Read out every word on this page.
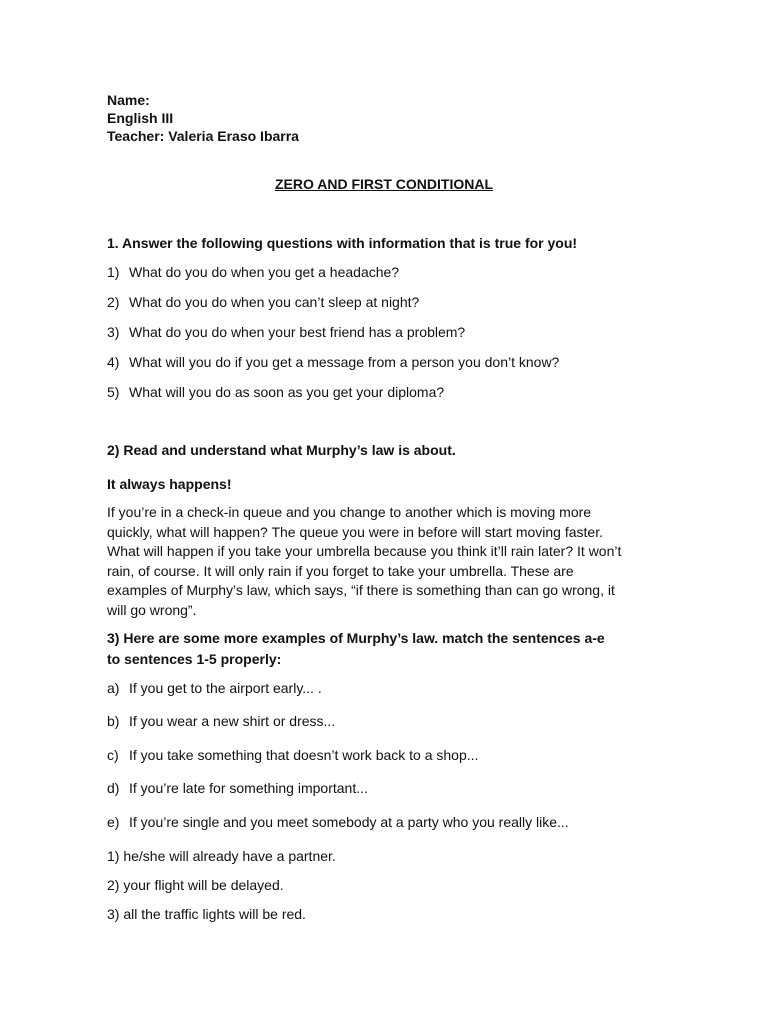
Name:
English III
Teacher: Valeria Eraso Ibarra
ZERO AND FIRST CONDITIONAL
1. Answer the following questions with information that is true for you!
1) What do you do when you get a headache?
2) What do you do when you can’t sleep at night?
3) What do you do when your best friend has a problem?
4) What will you do if you get a message from a person you don’t know?
5) What will you do as soon as you get your diploma?
2) Read and understand what Murphy’s law is about.
It always happens!
If you’re in a check-in queue and you change to another which is moving more
quickly, what will happen? The queue you were in before will start moving faster.
What will happen if you take your umbrella because you think it’ll rain later? It won’t
rain, of course. It will only rain if you forget to take your umbrella. These are
examples of Murphy’s law, which says, “if there is something than can go wrong, it
will go wrong”.
3) Here are some more examples of Murphy’s law. match the sentences a-e
to sentences 1-5 properly:
a) If you get to the airport early... .
b) If you wear a new shirt or dress...
c) If you take something that doesn’t work back to a shop...
d) If you’re late for something important...
e) If you’re single and you meet somebody at a party who you really like...
1) he/she will already have a partner.
2) your flight will be delayed.
3) all the traffic lights will be red.
